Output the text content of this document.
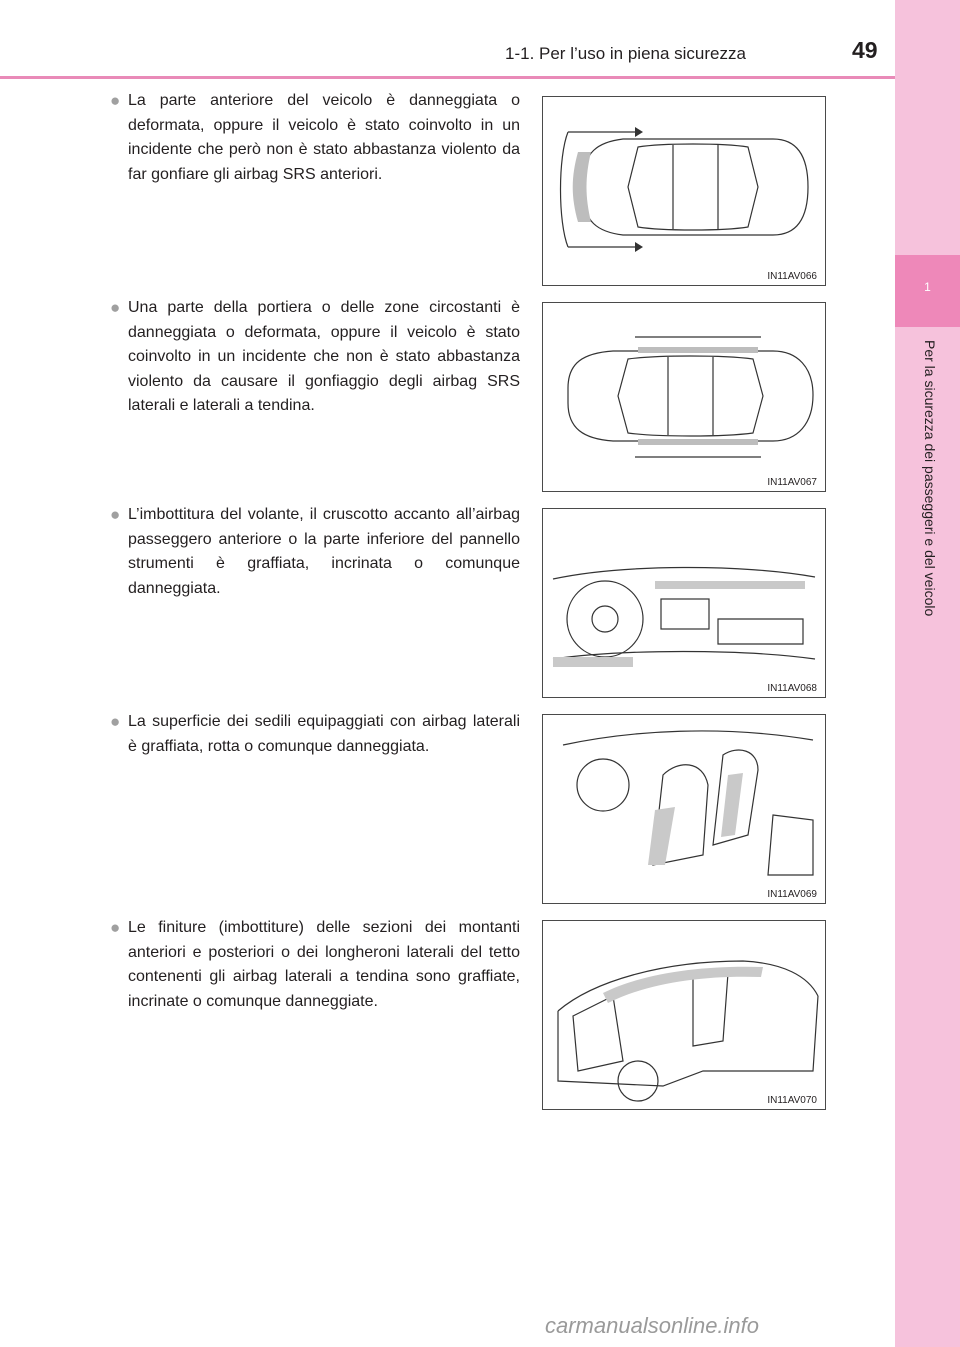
1-1. Per l’uso in piena sicurezza	49
1
Per la sicurezza dei passeggeri e del veicolo
● La parte anteriore del veicolo è danneggiata o deformata, oppure il veicolo è stato coinvolto in un incidente che però non è stato abbastanza violento da far gonfiare gli airbag SRS anteriori.
IN11AV066
● Una parte della portiera o delle zone circostanti è danneggiata o deformata, oppure il veicolo è stato coinvolto in un incidente che non è stato abbastanza violento da causare il gonfiaggio degli airbag SRS laterali e laterali a tendina.
IN11AV067
● L’imbottitura del volante, il cruscotto accanto all’airbag passeggero anteriore o la parte inferiore del pannello strumenti è graffiata, incrinata o comunque danneggiata.
IN11AV068
● La superficie dei sedili equipaggiati con airbag laterali è graffiata, rotta o comunque danneggiata.
IN11AV069
● Le finiture (imbottiture) delle sezioni dei montanti anteriori e posteriori o dei longheroni laterali del tetto contenenti gli airbag laterali a tendina sono graffiate, incrinate o comunque danneggiate.
IN11AV070
carmanualsonline.info
